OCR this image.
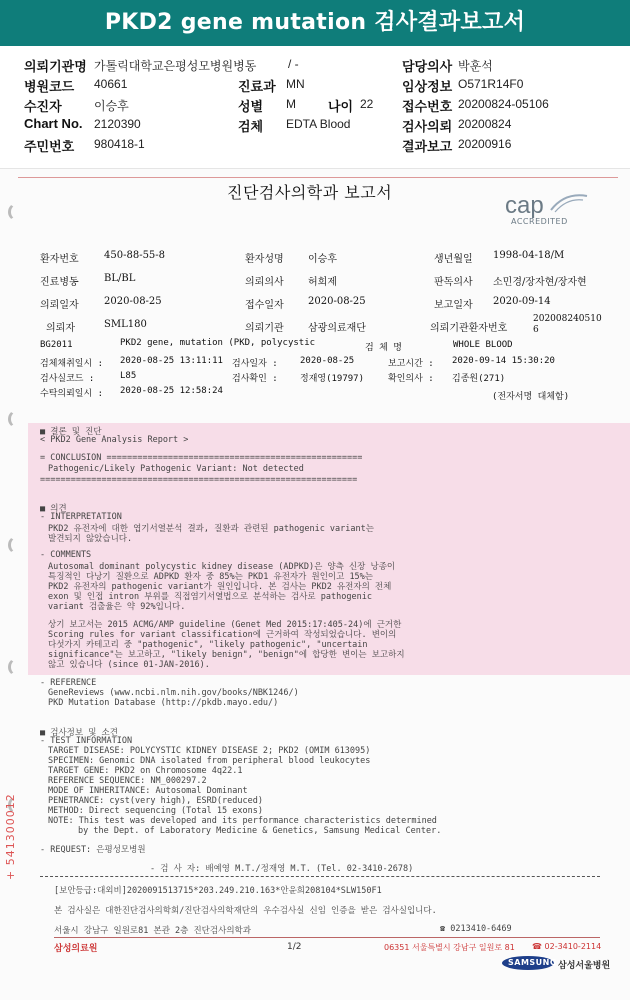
PKD2 gene mutation 검사결과보고서
의뢰기관명 가톨릭대학교은평성모병원병동	/ -	담당의사 박훈석
병원코드 40661	진료과 MN	임상정보 O571R14F0
수진자	이승후	성별 M 나이 22 접수번호 20200824-05106
Chart No. 2120390	검체 EDTA Blood	검사의뢰 20200824
주민번호 980418-1	결과보고 20200916
진단검사의학과 보고서	cap
ACCREDITED
환자번호	450-88-55-8	환자성명 이승후	생년월일 1998-04-18/M
진료병동	BL/BL	의뢰의사 허희제	판독의사 소민경/장자현/장자현
의뢰일자	2020-08-25	접수일자 2020-08-25	보고일자 2020-09-14
의뢰자	SML180	의뢰기관 삼광의료재단	의뢰기관환자번호
202008240510
6
BG2011	PKD2 gene, mutation (PKD, polycystic	검 체 명	WHOLE BLOOD
검체채취일시 : 2020-08-25 13:11:11 검사일자 : 2020-08-25	보고시간 : 2020-09-14 15:30:20
검사실코드 :	L85	검사확인 : 정재영(19797)	확인의사 : 김종원(271)
수탁의뢰일시 : 2020-08-25 12:58:24
(전자서명 대체함)
■ 결론 및 진단
< PKD2 Gene Analysis Report >
= CONCLUSION ==================================================
Pathogenic/Likely Pathogenic Variant: Not detected
==============================================================
■ 의견
- INTERPRETATION
PKD2 유전자에 대한 엽기서열분석 결과, 질환과 관련된 pathogenic variant는
발견되지 않았습니다.
- COMMENTS
Autosomal dominant polycystic kidney disease (ADPKD)은 양측 신장 낭종이
특징적인 다낭기 질환으로 ADPKD 환자 중 85%는 PKD1 유전자가 원인이고 15%는
PKD2 유전자의 pathogenic variant가 원인입니다. 본 검사는 PKD2 유전자의 전체
exon 및 인접 intron 부위를 직접염기서열법으로 분석하는 검사로 pathogenic
variant 검출율은 약 92%입니다.
상기 보고서는 2015 ACMG/AMP guideline (Genet Med 2015:17:405-24)에 근거한
Scoring rules for variant classification에 근거하여 작성되었습니다. 변이의
다섯가지 카테고리 중 "pathogenic", "likely pathogenic", "uncertain
significance"는 보고하고, "likely benign", "benign"에 합당한 변이는 보고하지
않고 있습니다 (since 01-JAN-2016).
- REFERENCE
GeneReviews (www.ncbi.nlm.nih.gov/books/NBK1246/)
PKD Mutation Database (http://pkdb.mayo.edu/)
■ 검사정보 및 소견
- TEST INFORMATION
TARGET DISEASE: POLYCYSTIC KIDNEY DISEASE 2; PKD2 (OMIM 613095)
SPECIMEN: Genomic DNA isolated from peripheral blood leukocytes
TARGET GENE: PKD2 on Chromosome 4q22.1
REFERENCE SEQUENCE: NM_000297.2
MODE OF INHERITANCE: Autosomal Dominant
PENETRANCE: cyst(very high), ESRD(reduced)
METHOD: Direct sequencing (Total 15 exons)
NOTE: This test was developed and its performance characteristics determined
by the Dept. of Laboratory Medicine & Genetics, Samsung Medical Center.
- REQUEST: 은평성모병원
- 검 사 자: 배예영 M.T./정재영 M.T. (Tel. 02-3410-2678)
+ 541300012
[보안등급:대외비]2020091513715*203.249.210.163*안윤희208104*SLW150F1
본 검사실은 대한진단검사의학회/진단검사의학재단의 우수검사실 신임 인증을 받은 검사실입니다.
서울시 강남구 일원로81 본관 2층 진단검사의학과	☎ 0213410-6469
삼성의료원	1/2	06351 서울특별시 강남구 일원로 81 ☎ 02-3410-2114
SAMSUNG 삼성서울병원
